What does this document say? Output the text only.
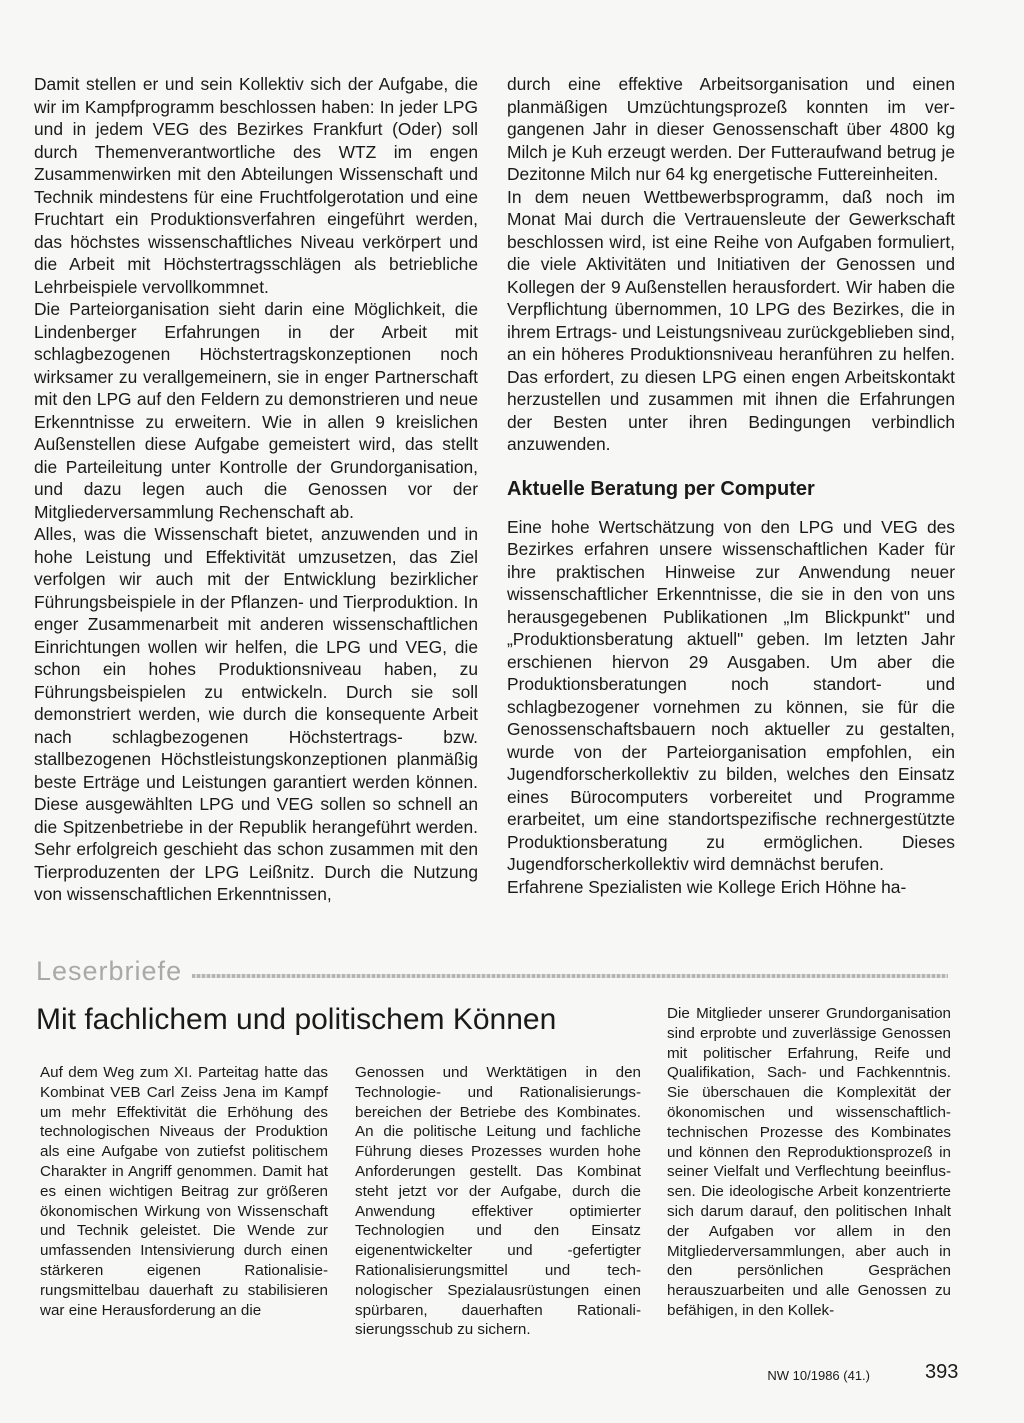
Damit stellen er und sein Kollektiv sich der Aufgabe, die wir im Kampfprogramm beschlossen haben: In jeder LPG und in jedem VEG des Bezirkes Frankfurt (Oder) soll durch Themenverantwortliche des WTZ im engen Zusammenwirken mit den Abteilungen Wissenschaft und Technik mindestens für eine Fruchtfolgerotation und eine Fruchtart ein Produktionsverfahren eingeführt werden, das höchstes wissenschaftliches Niveau verkörpert und die Arbeit mit Höchstertragsschlägen als betriebliche Lehrbeispiele vervollkommnet.

Die Parteiorganisation sieht darin eine Möglichkeit, die Lindenberger Erfahrungen in der Arbeit mit schlagbezogenen Höchstertragskonzeptionen noch wirksamer zu verallgemeinern, sie in enger Partnerschaft mit den LPG auf den Feldern zu demonstrieren und neue Erkenntnisse zu erweitern. Wie in allen 9 kreislichen Außenstellen diese Aufgabe gemeistert wird, das stellt die Parteileitung unter Kontrolle der Grundorganisation, und dazu legen auch die Genossen vor der Mitgliederversammlung Rechenschaft ab.

Alles, was die Wissenschaft bietet, anzuwenden und in hohe Leistung und Effektivität umzusetzen, das Ziel verfolgen wir auch mit der Entwicklung bezirklicher Führungsbeispiele in der Pflanzen- und Tierproduktion. In enger Zusammenarbeit mit anderen wissenschaftlichen Einrichtungen wollen wir helfen, die LPG und VEG, die schon ein hohes Produktionsniveau haben, zu Führungsbeispielen zu entwickeln. Durch sie soll demonstriert werden, wie durch die konsequente Arbeit nach schlagbezogenen Höchstertrags- bzw. stallbezogenen Höchstleistungskonzeptionen planmäßig beste Erträge und Leistungen garantiert werden können. Diese ausgewählten LPG und VEG sollen so schnell an die Spitzenbetriebe in der Republik herangeführt werden. Sehr erfolgreich geschieht das schon zusammen mit den Tierproduzenten der LPG Leißnitz. Durch die Nutzung von wissenschaftlichen Erkenntnissen,

durch eine effektive Arbeitsorganisation und einen planmäßigen Umzüchtungsprozeß konnten im vergangenen Jahr in dieser Genossenschaft über 4800 kg Milch je Kuh erzeugt werden. Der Futteraufwand betrug je Dezitonne Milch nur 64 kg energetische Futtereinheiten.

In dem neuen Wettbewerbsprogramm, daß noch im Monat Mai durch die Vertrauensleute der Gewerkschaft beschlossen wird, ist eine Reihe von Aufgaben formuliert, die viele Aktivitäten und Initiativen der Genossen und Kollegen der 9 Außenstellen herausfordert. Wir haben die Verpflichtung übernommen, 10 LPG des Bezirkes, die in ihrem Ertrags- und Leistungsniveau zurückgeblieben sind, an ein höheres Produktionsniveau heranführen zu helfen. Das erfordert, zu diesen LPG einen engen Arbeitskontakt herzustellen und zusammen mit ihnen die Erfahrungen der Besten unter ihren Bedingungen verbindlich anzuwenden.

Aktuelle Beratung per Computer

Eine hohe Wertschätzung von den LPG und VEG des Bezirkes erfahren unsere wissenschaftlichen Kader für ihre praktischen Hinweise zur Anwendung neuer wissenschaftlicher Erkenntnisse, die sie in den von uns herausgegebenen Publikationen „Im Blickpunkt" und „Produktionsberatung aktuell" geben. Im letzten Jahr erschienen hiervon 29 Ausgaben. Um aber die Produktionsberatungen noch standort- und schlagbezogener vornehmen zu können, sie für die Genossenschaftsbauern noch aktueller zu gestalten, wurde von der Parteiorganisation empfohlen, ein Jugendforscherkollektiv zu bilden, welches den Einsatz eines Bürocomputers vorbereitet und Programme erarbeitet, um eine standortspezifische rechnergestützte Produktionsberatung zu ermöglichen. Dieses Jugendforscherkollektiv wird demnächst berufen.

Erfahrene Spezialisten wie Kollege Erich Höhne ha-

Leserbriefe
Mit fachlichem und politischem Können

Auf dem Weg zum XI. Parteitag hatte das Kombinat VEB Carl Zeiss Jena im Kampf um mehr Effektivität die Erhöhung des technologischen Niveaus der Produktion als eine Aufgabe von zutiefst politischem Charakter in Angriff genommen. Damit hat es einen wichtigen Beitrag zur größeren ökonomischen Wirkung von Wissenschaft und Technik geleistet. Die Wende zur umfassenden Intensivierung durch einen stärkeren eigenen Rationalisierungsmittelbau dauerhaft zu stabilisieren war eine Herausforderung an die

Genossen und Werktätigen in den Technologie- und Rationalisierungsbereichen der Betriebe des Kombinates. An die politische Leitung und fachliche Führung dieses Prozesses wurden hohe Anforderungen gestellt. Das Kombinat steht jetzt vor der Aufgabe, durch die Anwendung effektiver optimierter Technologien und den Einsatz eigenentwickelter und -gefertigter Rationalisierungsmittel und technologischer Spezialausrüstungen einen spürbaren, dauerhaften Rationalisierungsschub zu sichern.

Die Mitglieder unserer Grundorganisation sind erprobte und zuverlässige Genossen mit politischer Erfahrung, Reife und Qualifikation, Sach- und Fachkenntnis. Sie überschauen die Komplexität der ökonomischen und wissenschaftlich-technischen Prozesse des Kombinates und können den Reproduktionsprozeß in seiner Vielfalt und Verflechtung beeinflussen. Die ideologische Arbeit konzentrierte sich darum darauf, den politischen Inhalt der Aufgaben vor allem in den Mitgliederversammlungen, aber auch in den persönlichen Gesprächen herauszuarbeiten und alle Genossen zu befähigen, in den Kollek-

NW 10/1986 (41.)	393
